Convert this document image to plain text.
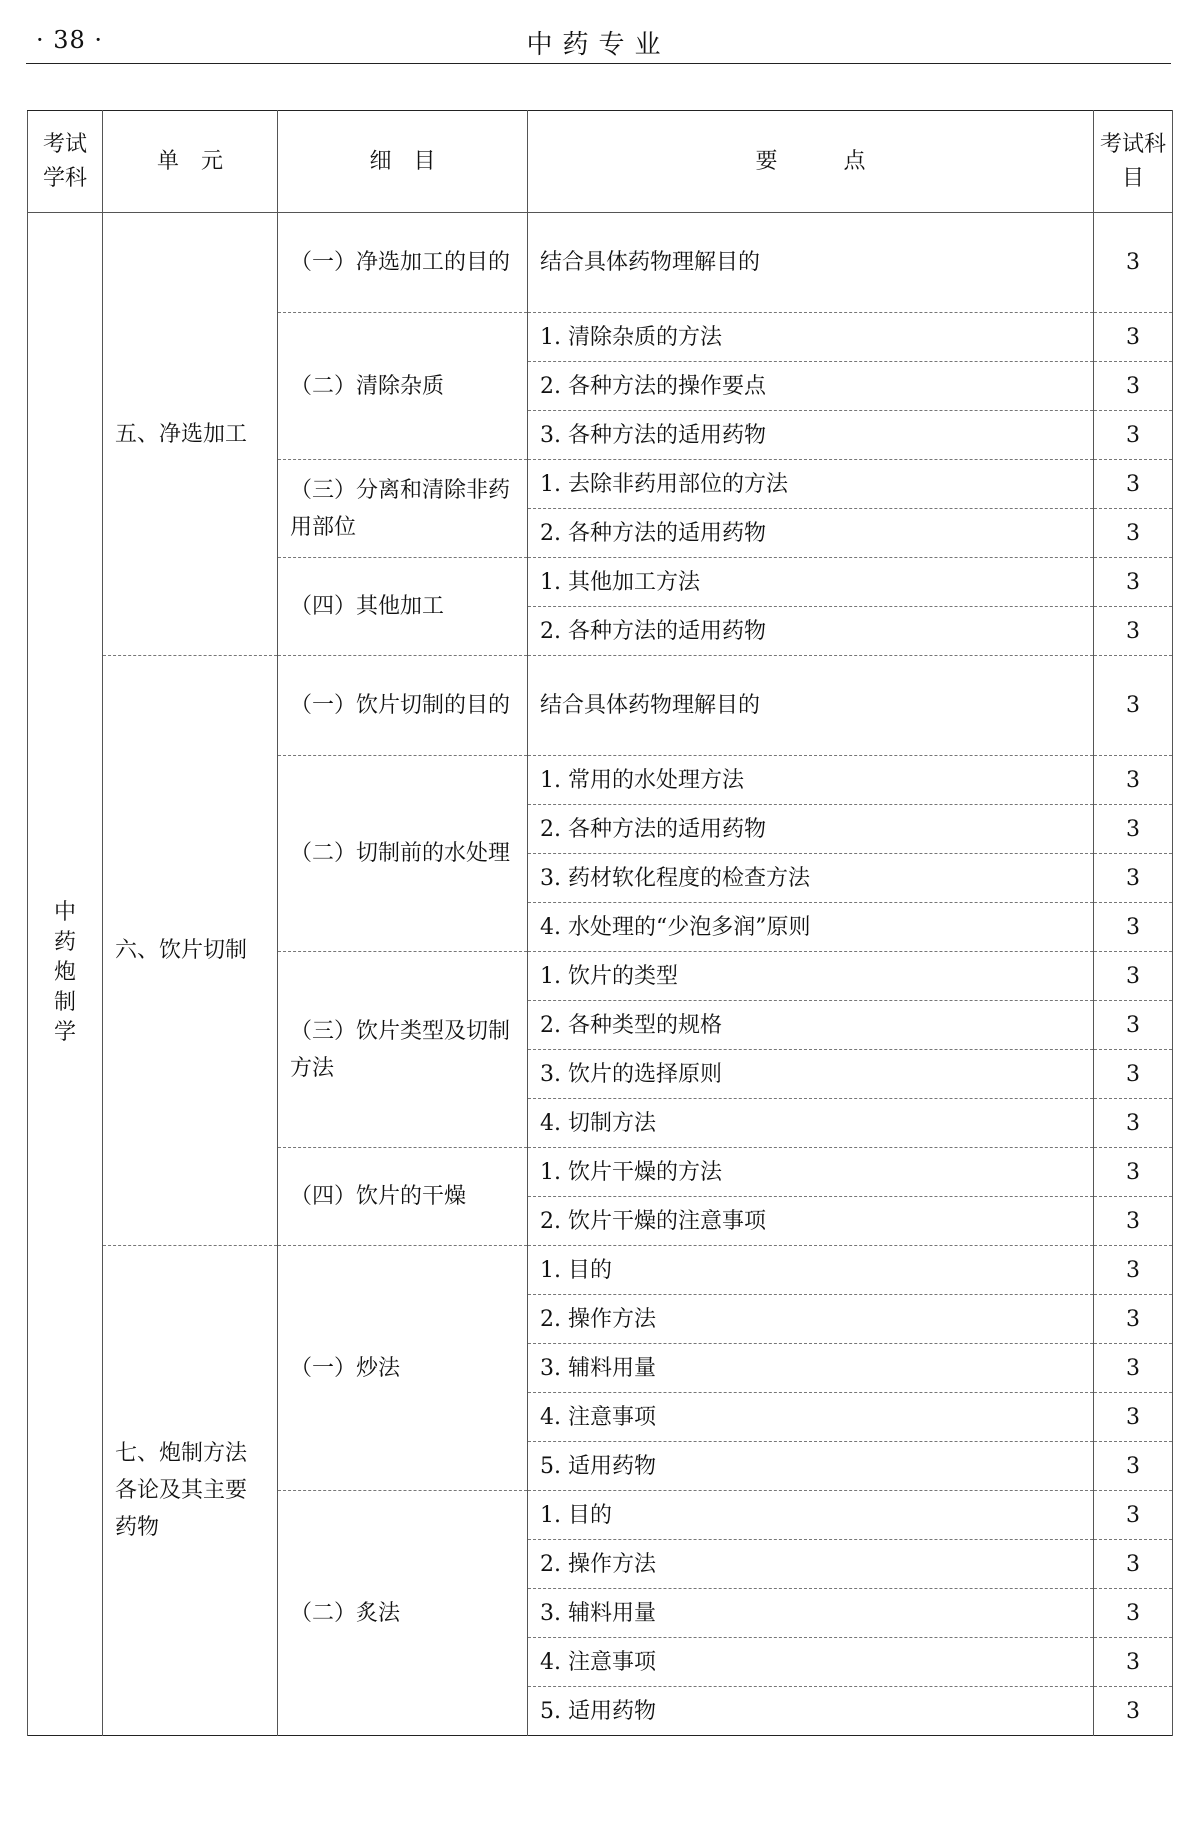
· 38 ·	中药专业
考试学科	单　元	细　目	要　　　点	考试科目
中药炮制学	五、净选加工	（一）净选加工的目的	结合具体药物理解目的	3
		（二）清除杂质	1. 清除杂质的方法	3
			2. 各种方法的操作要点	3
			3. 各种方法的适用药物	3
		（三）分离和清除非药用部位	1. 去除非药用部位的方法	3
			2. 各种方法的适用药物	3
		（四）其他加工	1. 其他加工方法	3
			2. 各种方法的适用药物	3
	六、饮片切制	（一）饮片切制的目的	结合具体药物理解目的	3
		（二）切制前的水处理	1. 常用的水处理方法	3
			2. 各种方法的适用药物	3
			3. 药材软化程度的检查方法	3
			4. 水处理的“少泡多润”原则	3
		（三）饮片类型及切制方法	1. 饮片的类型	3
			2. 各种类型的规格	3
			3. 饮片的选择原则	3
			4. 切制方法	3
		（四）饮片的干燥	1. 饮片干燥的方法	3
			2. 饮片干燥的注意事项	3
	七、炮制方法各论及其主要药物	（一）炒法	1. 目的	3
			2. 操作方法	3
			3. 辅料用量	3
			4. 注意事项	3
			5. 适用药物	3
		（二）炙法	1. 目的	3
			2. 操作方法	3
			3. 辅料用量	3
			4. 注意事项	3
			5. 适用药物	3
